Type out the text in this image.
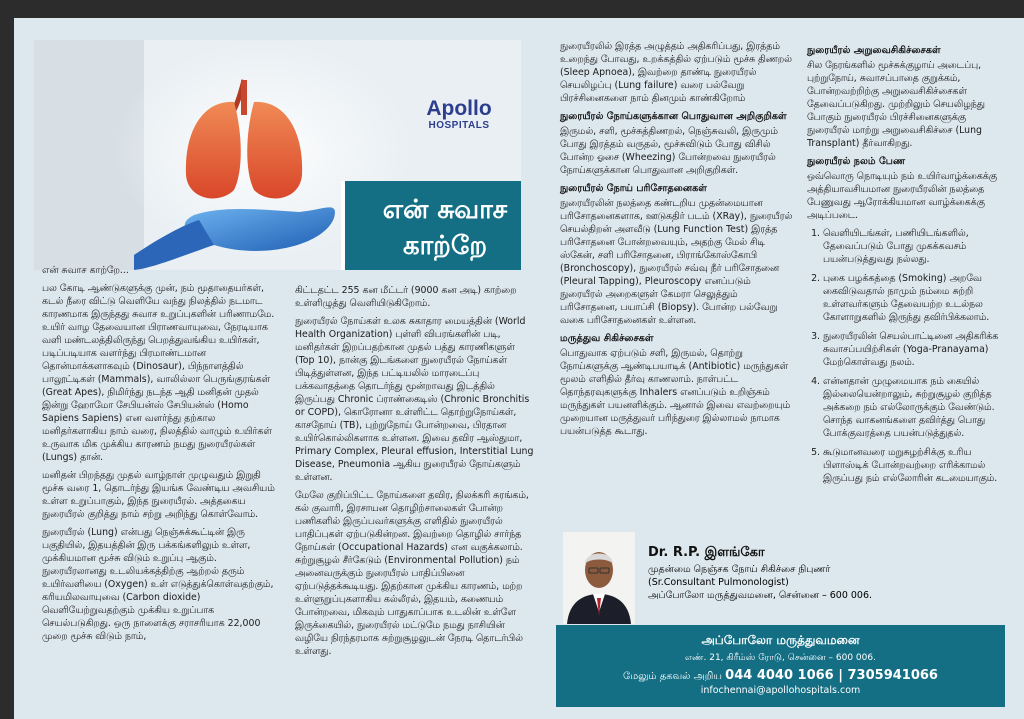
Apollo
HOSPITALS
என் சுவாச
காற்றே

என் சுவாச காற்றே...

பல கோடி ஆண்டுகளுக்கு முன், நம் மூதாதையர்கள், கடல் நீரை விட்டு வெளியே வந்து நிலத்தில் நடமாட காரணமாக இருந்தது சுவாச உறுப்புகளின் பரிணாமமே. உயிர் வாழ தேவையான பிராணவாயுவை, நேரடியாக வளி மண்டலத்திலிருந்து பெறத்துவங்கிய உயிர்கள், படிப்படியாக வளர்ந்து பிரமாண்டமான தொன்மாக்களாகவும் (Dinosaur), பிந்நாளத்தில் பாலூட்டிகள் (Mammals), வாலில்லா பெருங்குரங்கள் (Great Apes), நிமிர்ந்து நடந்த ஆதி மனிதன் முதல் இன்று ஹோமோ சேபியன்ஸ் சேபியன்ஸ் (Homo Sapiens Sapiens) என வளர்ந்து தற்கால மனிதர்களாகிய நாம் வரை, நிலத்தில் வாழும் உயிர்கள் உருவாக மிக முக்கிய காரணம் நமது நுரையீரல்கள் (Lungs) தான்.

மனிதன் பிறந்தது முதல் வாழ்நாள் முழுவதும் இறுதி மூச்சு வரை 1, தொடர்ந்து இயங்க வேண்டிய அவசியம் உள்ள உறுப்பாகும், இந்த நுரையீரல். அத்தகைய நுரையீரல் குறித்து நாம் சற்று அறிந்து கொள்வோம்.

நுரையீரல் (Lung) என்பது நெஞ்சுக்கூட்டின் இரு பகுதியில், இதயத்தின் இரு பக்கங்களிலும் உள்ள, முக்கியமான மூச்சு விடும் உறுப்பு ஆகும். நுரையீரலானது உடலியக்கத்திற்கு ஆற்றல் தரும் உயிர்வளியை (Oxygen) உள் எடுத்துக்கொள்வதற்கும், கரியமிலவாயுவை (Carbon dioxide) வெளியேற்றுவதற்கும் முக்கிய உறுப்பாக செயல்படுகிறது. ஒரு நாளைக்கு சராசரியாக 22,000 முறை மூச்சு விடும் நாம்,

கிட்டதட்ட 255 கன மீட்டர் (9000 கன அடி) காற்றை உள்ளிழுத்து வெளியிடுகிறோம்.

நுரையீரல் நோய்கள் உலக சுகாதார மையத்தின் (World Health Organization) புள்ளி விபரங்களின் படி, மனிதர்கள் இறப்பதற்கான முதல் பத்து காரணிகளுள் (Top 10), நான்கு இடங்களை நுரையீரல் நோய்கள் பிடித்துள்ளன, இந்த பட்டியலில் மாரடைப்பு பக்கவாதத்தை தொடர்ந்து மூன்றாவது இடத்தில் இருப்பது Chronic ப்ராண்கைடிஸ் (Chronic Bronchitis or COPD), கொரோனா உள்ளிட்ட தொற்றுநோய்கள், காசநோய் (TB), புற்றுநோய் போன்றவை, பிரதான உயிர்கொல்லிகளாக உள்ளன. இவை தவிர ஆஸ்துமா, Primary Complex, Pleural effusion, Interstitial Lung Disease, Pneumonia ஆகிய நுரையீரல் நோய்களும் உள்ளன.

மேலே குறிப்பிட்ட நோய்களை தவிர, நிலக்கரி சுரங்கம், கல் குவாரி, இரசாயன தொழிற்சாலைகள் போன்ற பணிகளில் இருப்பவர்களுக்கு எளிதில் நுரையீரல் பாதிப்புகள் ஏற்படுகின்றன. இவற்றை தொழில் சார்ந்த நோய்கள் (Occupational Hazards) என வகுக்கலாம். சுற்றுசூழல் சீர்கேடும் (Environmental Pollution) நம் அனைவருக்கும் நுரையீரல் பாதிப்பினை ஏற்படுத்தக்கூடியது. இதற்கான முக்கிய காரணம், மற்ற உள்ளுறுப்புகளாகிய கல்லீரல், இதயம், கணையம் போன்றவை, மிகவும் பாதுகாப்பாக உடலின் உள்ளே இருக்கையில், நுரையீரல் மட்டுமே நமது நாசியின் வழியே நிரந்தரமாக சுற்றுசூழலுடன் நேரடி தொடர்பில் உள்ளது.

நுரையீரலில் இரத்த அழுத்தம் அதிகரிப்பது, இரத்தம் உறைந்து போவது, உறக்கத்தில் ஏற்படும் மூச்சு திணறல் (Sleep Apnoea), இவற்றை தாண்டி நுரையீரல் செயலிழப்பு (Lung failure) வரை பல்வேறு பிரச்சினைகளை நாம் தினமும் காண்கிறோம்

நுரையீரல் நோய்களுக்கான பொதுவான அறிகுறிகள்

இருமல், சளி, மூச்சுத்திணறல், நெஞ்சுவலி, இருமும் போது இரத்தம் வருதல், மூச்சுவிடும் போது விசில் போன்ற ஓசை (Wheezing) போன்றவை நுரையீரல் நோய்களுக்கான பொதுவான அறிகுறிகள்.

நுரையீரல் நோய் பரிசோதனைகள்

நுரையீரலின் நலத்தை கண்டறிய முதன்மையான பரிசோதனைகளாக, ஊடுகதிர் படம் (XRay), நுரையீரல் செயல்திறன் அளவீடு (Lung Function Test) இரத்த பரிசோதனை போன்றவையும், அதற்கு மேல் சிடி ஸ்கேன், சளி பரிசோதனை, பிராங்கோஸ்கோபி (Bronchoscopy), நுரையீரல் சவ்வு நீர் பரிசோதனை (Pleural Tapping), Pleuroscopy எனப்படும் நுரையீரல் அறைகளுள் கேமரா செலுத்தும் பரிசோதனை, பயாப்சி (Biopsy). போன்ற பல்வேறு வகை பரிசோதனைகள் உள்ளன.

மருத்துவ சிகிச்சைகள்

பொதுவாக ஏற்படும் சளி, இருமல், தொற்று நோய்களுக்கு ஆண்டிபயாடிக் (Antibiotic) மருந்துகள் மூலம் எளிதில் தீர்வு காணலாம். நாள்பட்ட தொந்தரவுகளுக்கு Inhalers எனப்படும் உறிஞ்சும் மருந்துகள் பயனளிக்கும். ஆனால் இவை எவற்றையும் முறையான மருத்துவர் பரிந்துரை இல்லாமல் நாமாக பயன்படுத்த கூடாது.

நுரையீரல் அறுவைசிகிச்சைகள்

சில நேரங்களில் மூச்சுக்குழாய் அடைப்பு, புற்றுநோய், சுவாசப்பாதை குறுக்கம், போன்றவற்றிற்கு அறுவைசிகிச்சைகள் தேவைப்படுகிறது. முற்றிலும் செயலிழந்து போகும் நுரையீரல் பிரச்சினைகளுக்கு நுரையீரல் மாற்று அறுவைசிகிச்சை (Lung Transplant) தீர்வாகிறது.

நுரையீரல் நலம் பேண

ஒவ்வொரு நொடியும் நம் உயிர்வாழ்க்கைக்கு அத்தியாவசியமான நுரையீரலின் நலத்தை பேணுவது ஆரோக்கியமான வாழ்க்கைக்கு அடிப்படை.

1. வெளியிடங்கள், பணியிடங்களில், தேவைப்படும் போது முகக்கவசம் பயன்படுத்துவது நல்லது.
2. புகை பழக்கத்தை (Smoking) அறவே கைவிடுவதால் நாமும் நம்மை சுற்றி உள்ளவர்களும் தேவையற்ற உடல்நல கோளாறுகளில் இருந்து தவிர்பிக்கலாம்.
3. நுரையீரலின் செயல்பாட்டினை அதிகரிக்க சுவாசப்பயிற்சிகள் (Yoga-Pranayama) மேற்கொள்வது நலம்.
4. என்னதான் முழுமையாக நம் கையில் இல்லையென்றாலும், சுற்றுசூழல் குறித்த அக்கறை நம் எல்லோருக்கும் வேண்டும். சொந்த வாகனங்களை தவிர்த்து பொது போக்குவரத்தை பயன்படுத்துதல்.
5. கூடுமானவரை மறுசுழற்சிக்கு உரிய பிளாஸ்டிக் போன்றவற்றை எரிக்காமல் இருப்பது நம் எல்லோரின் கடமையாகும்.
Dr. R.P. இளங்கோ
முதன்மை நெஞ்சக நோய் சிகிச்சை நிபுணர்
(Sr.Consultant Pulmonologist)
அப்போலோ மருத்துவமனை, சென்னை – 600 006.
அப்போலோ மருத்துவமனை
எண். 21, கிரீம்ஸ் ரோடு, சென்னை – 600 006.
மேலும் தகவல் அறிய 044 4040 1066 | 7305941066
infochennai@apollohospitals.com
